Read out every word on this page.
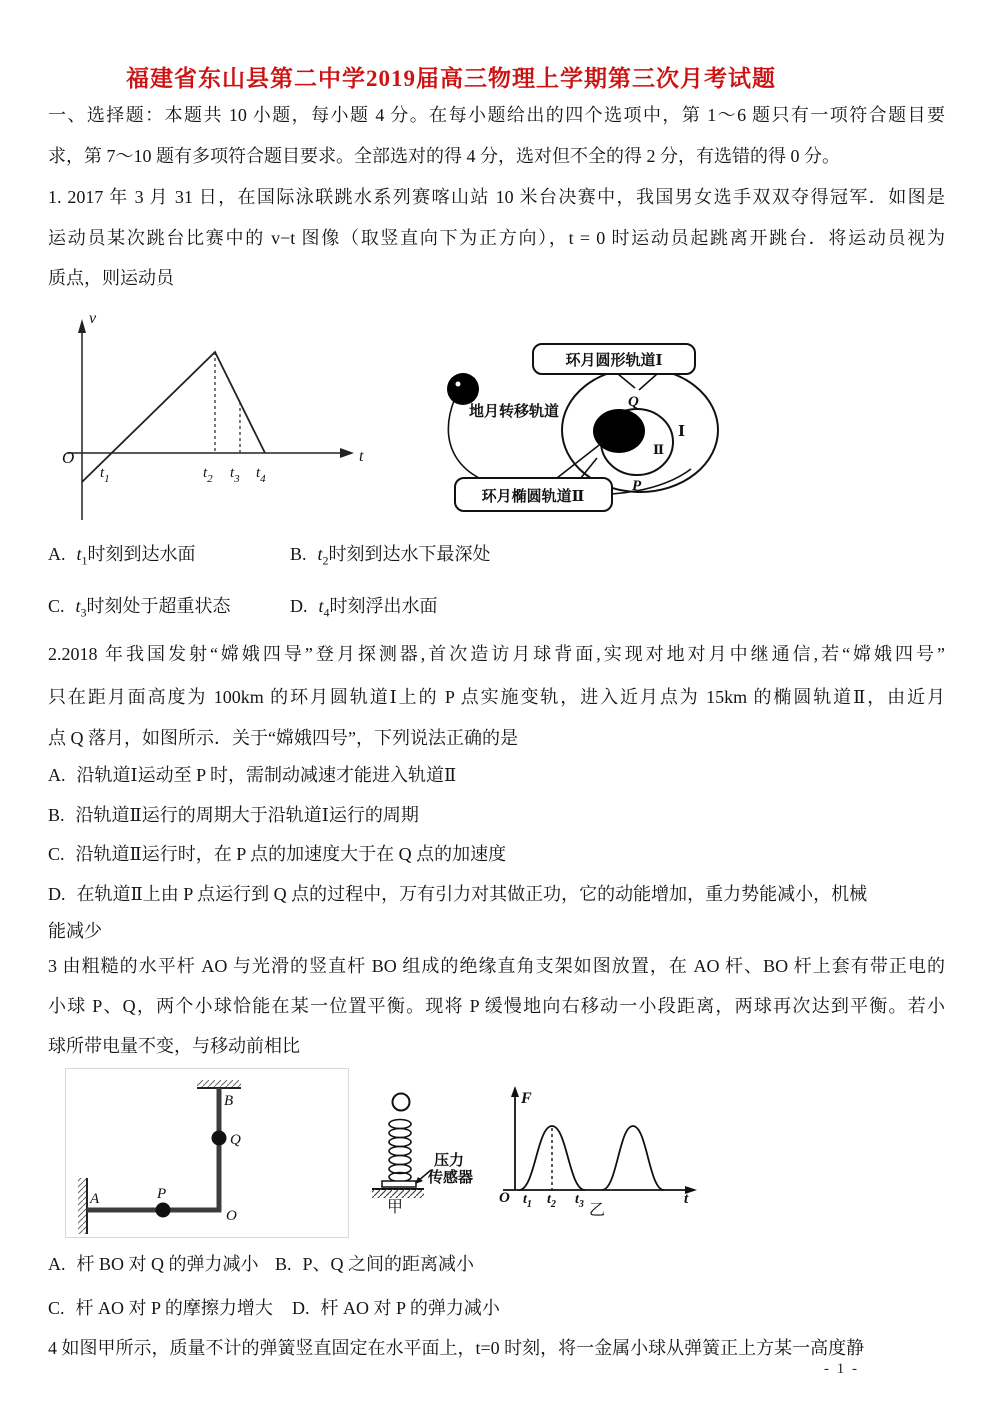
福建省东山县第二中学2019届高三物理上学期第三次月考试题
一、选择题：本题共 10 小题，每小题 4 分。在每小题给出的四个选项中，第 1～6 题只有一项符合题目要
求，第 7～10 题有多项符合题目要求。全部选对的得 4 分，选对但不全的得 2 分，有选错的得 0 分。
1. 2017 年 3 月 31 日，在国际泳联跳水系列赛喀山站 10 米台决赛中，我国男女选手双双夺得冠军．如图是
运动员某次跳台比赛中的 v−t 图像（取竖直向下为正方向），t = 0 时运动员起跳离开跳台．将运动员视为
质点，则运动员
v
t
O
$t_1$	$t_2$ $t_3$ $t_4$
环月圆形轨道Ⅰ
地月转移轨道
环月椭圆轨道Ⅱ
Q
P
Ⅰ
Ⅱ
A. $t_1$时刻到达水面	B. $t_2$时刻到达水下最深处
C. $t_3$时刻处于超重状态	D. $t_4$时刻浮出水面
2.2018 年我国发射“嫦娥四导”登月探测器,首次造访月球背面,实现对地对月中继通信,若“嫦娥四号”
只在距月面高度为 100km 的环月圆轨道Ⅰ上的 P 点实施变轨，进入近月点为 15km 的椭圆轨道Ⅱ，由近月
点 Q 落月，如图所示．关于“嫦娥四号”，下列说法正确的是
A. 沿轨道Ⅰ运动至 P 时，需制动减速才能进入轨道Ⅱ
B. 沿轨道Ⅱ运行的周期大于沿轨道Ⅰ运行的周期
C. 沿轨道Ⅱ运行时，在 P 点的加速度大于在 Q 点的加速度
D. 在轨道Ⅱ上由 P 点运行到 Q 点的过程中，万有引力对其做正功，它的动能增加，重力势能减小，机械
能减少
3 由粗糙的水平杆 AO 与光滑的竖直杆 BO 组成的绝缘直角支架如图放置，在 AO 杆、BO 杆上套有带正电的
小球 P、Q，两个小球恰能在某一位置平衡。现将 P 缓慢地向右移动一小段距离，两球再次达到平衡。若小
球所带电量不变，与移动前相比
A	P
O
B
Q
压力
传感器
甲
F
O	t
$t_1$ $t_2$ $t_3$ 乙
A. 杆 BO 对 Q 的弹力减小 B. P、Q 之间的距离减小
C. 杆 AO 对 P 的摩擦力增大 D. 杆 AO 对 P 的弹力减小
4 如图甲所示，质量不计的弹簧竖直固定在水平面上，t=0 时刻，将一金属小球从弹簧正上方某一高度静
- 1 -
